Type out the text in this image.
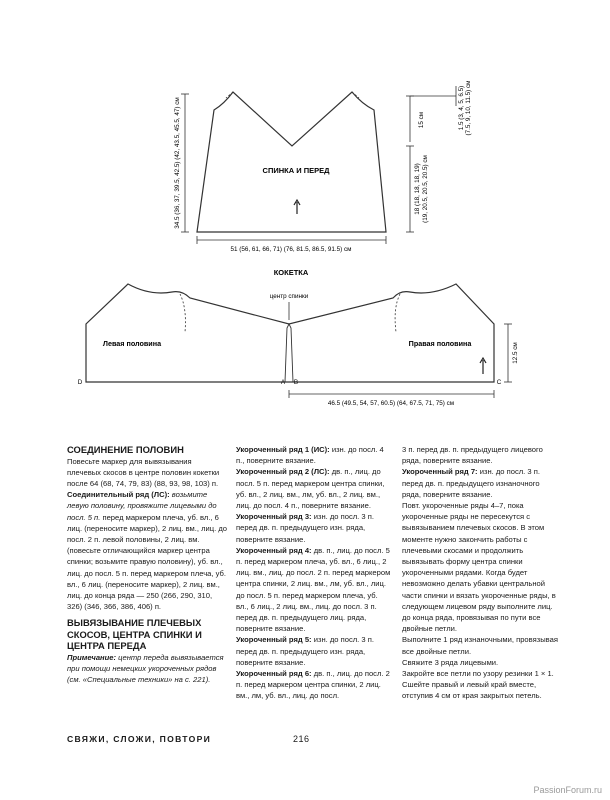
СПИНКА И ПЕРЕД
34.5 (36, 37, 39.5, 42.5) (42, 43.5, 45.5, 47) см
51 (56, 61, 66, 71) (76, 81.5, 86.5, 91.5) см
18 (18, 18, 18, 19) (19, 20.5, 20.5, 20.5) см
15 см	1.5 (3, 4, 5, 6.5) (7.5, 9, 10, 11.5) см
КОКЕТКА
центр спинки
Левая половина	Правая половина
D	A B	C
12.5 см
46.5 (49.5, 54, 57, 60.5) (64, 67.5, 71, 75) см

СОЕДИНЕНИЕ ПОЛОВИН

Повесьте маркер для вывязывания плечевых скосов в центре половин кокетки после 64 (68, 74, 79, 83) (88, 93, 98, 103) п.

Соединительный ряд (ЛС): возьмите левую половину, провяжите лицевыми до посл. 5 п. перед маркером плеча, уб. вл., 6 лиц. (переносите маркер), 2 лиц. вм., лиц. до посл. 2 п. левой половины, 2 лиц. вм. (повесьте отличающийся маркер центра спинки; возьмите правую половину), уб. вл., лиц. до посл. 5 п. перед маркером плеча, уб. вл., 6 лиц. (переносите маркер), 2 лиц. вм., лиц. до конца ряда — 250 (266, 290, 310, 326) (346, 366, 386, 406) п.

ВЫВЯЗЫВАНИЕ ПЛЕЧЕВЫХ СКОСОВ, ЦЕНТРА СПИНКИ И ЦЕНТРА ПЕРЕДА

Примечание: центр переда вывязывается при помощи немецких укороченных рядов (см. «Специальные техники» на с. 221).

Укороченный ряд 1 (ИС): изн. до посл. 4 п., поверните вязание.

Укороченный ряд 2 (ЛС): дв. п., лиц. до посл. 5 п. перед маркером центра спинки, уб. вл., 2 лиц. вм., лм, уб. вл., 2 лиц. вм., лиц. до посл. 4 п., поверните вязание.

Укороченный ряд 3: изн. до посл. 3 п. перед дв. п. предыдущего изн. ряда, поверните вязание.

Укороченный ряд 4: дв. п., лиц. до посл. 5 п. перед маркером плеча, уб. вл., 6 лиц., 2 лиц. вм., лиц. до посл. 2 п. перед маркером центра спинки, 2 лиц. вм., лм, уб. вл., лиц. до посл. 5 п. перед маркером плеча, уб. вл., 6 лиц., 2 лиц. вм., лиц. до посл. 3 п. перед дв. п. предыдущего лиц. ряда, поверните вязание.

Укороченный ряд 5: изн. до посл. 3 п. перед дв. п. предыдущего изн. ряда, поверните вязание.

Укороченный ряд 6: дв. п., лиц. до посл. 2 п. перед маркером центра спинки, 2 лиц. вм., лм, уб. вл., лиц. до посл.

3 п. перед дв. п. предыдущего лицевого ряда, поверните вязание.

Укороченный ряд 7: изн. до посл. 3 п. перед дв. п. предыдущего изнаночного ряда, поверните вязание.

Повт. укороченные ряды 4–7, пока укороченные ряды не пересекутся с вывязыванием плечевых скосов. В этом моменте нужно закончить работы с плечевыми скосами и продолжить вывязывать форму центра спинки укороченными рядами. Когда будет невозможно делать убавки центральной части спинки и вязать укороченные ряды, в следующем лицевом ряду выполните лиц. до конца ряда, провязывая по пути все двойные петли.

Выполните 1 ряд изнаночными, провязывая все двойные петли.

Свяжите 3 ряда лицевыми.

Закройте все петли по узору резинки 1 × 1.

Сшейте правый и левый край вместе, отступив 4 см от края закрытых петель.

СВЯЖИ, СЛОЖИ, ПОВТОРИ	216
PassionForum.ru
